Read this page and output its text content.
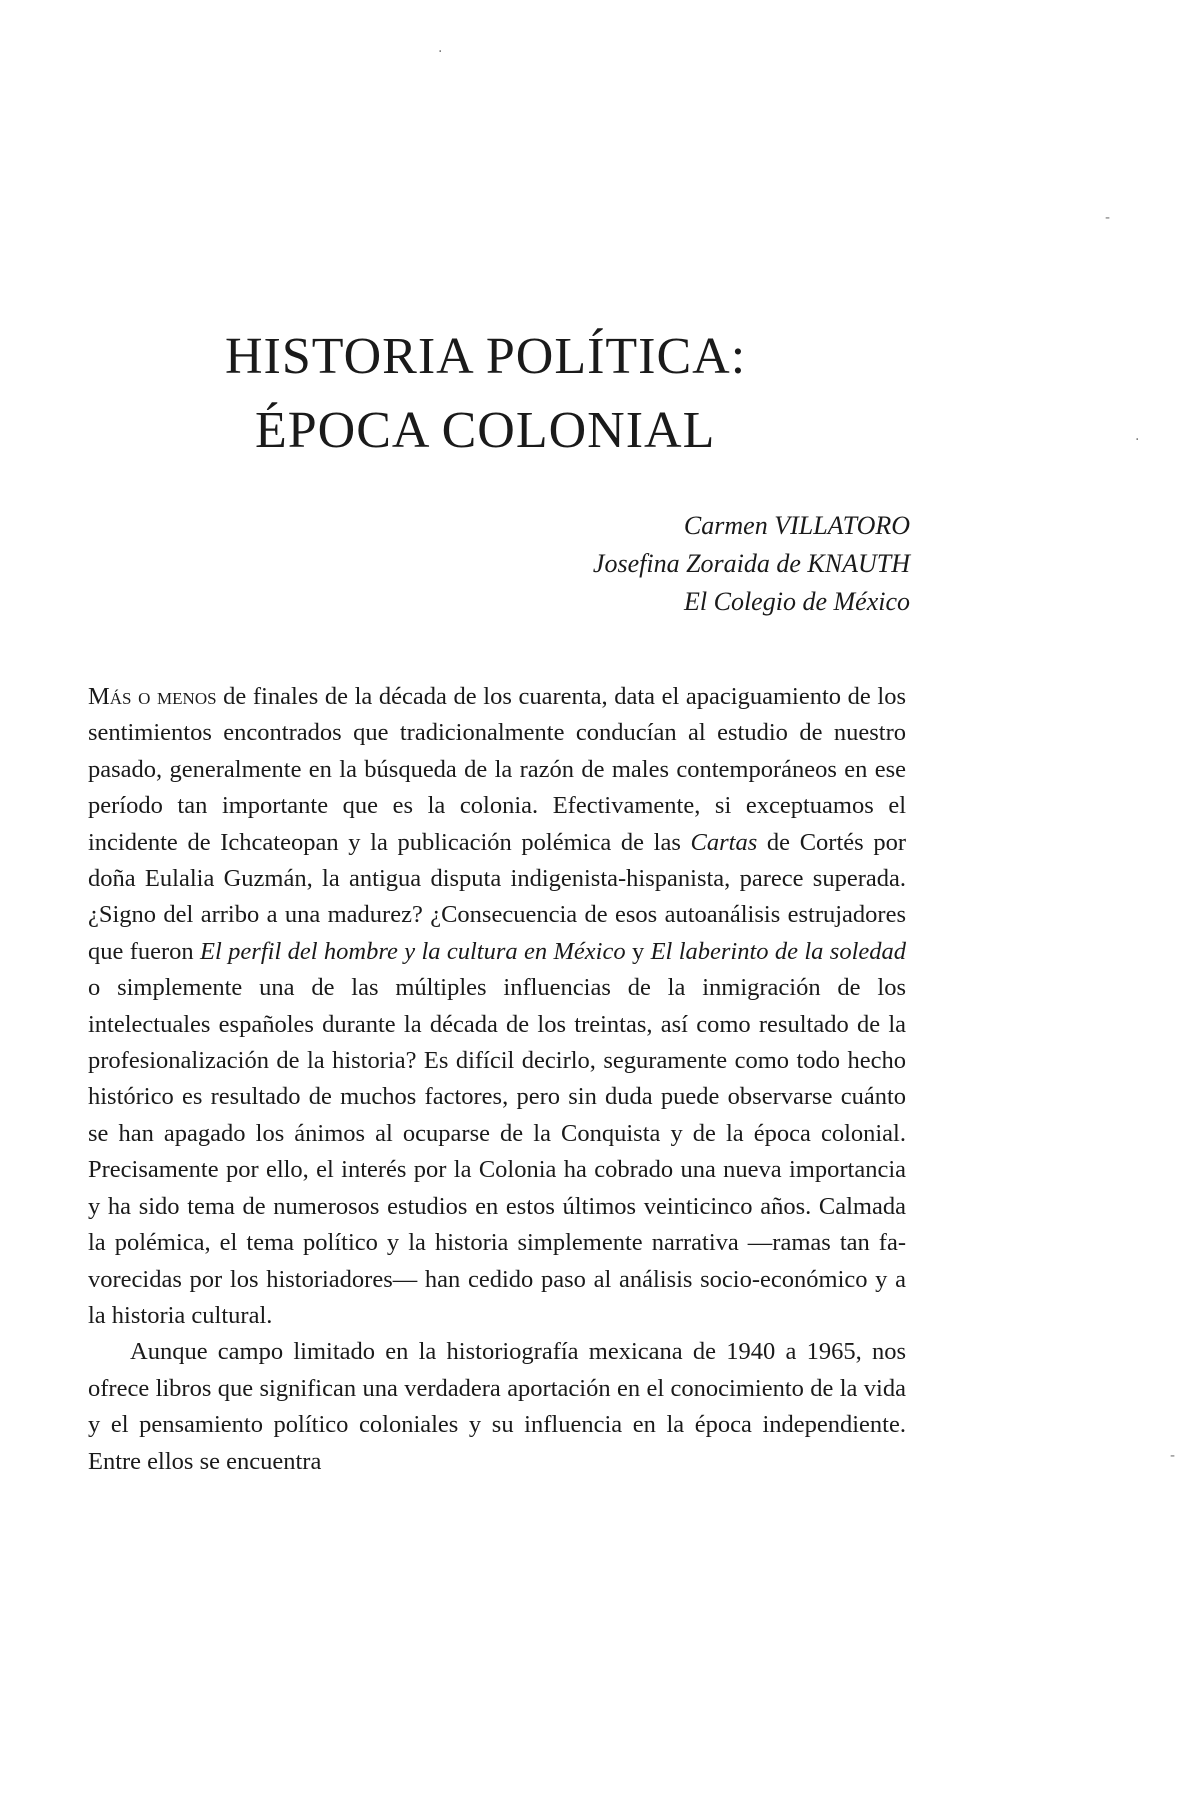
HISTORIA POLÍTICA:
ÉPOCA COLONIAL
Carmen VILLATORO
Josefina Zoraida de KNAUTH
El Colegio de México

Más o menos de finales de la década de los cuarenta, data el apaciguamiento de los sentimientos encontrados que tradicionalmente conducían al estudio de nuestro pasado, generalmente en la búsqueda de la razón de males contemporáneos en ese período tan importante que es la colonia. Efectivamente, si exceptuamos el incidente de Ichcateopan y la publicación polémica de las Cartas de Cortés por doña Eulalia Guzmán, la antigua disputa indigenista-hispanista, parece superada. ¿Signo del arribo a una madurez? ¿Consecuencia de esos autoanálisis estrujadores que fueron El perfil del hombre y la cultura en México y El laberinto de la soledad o simplemente una de las múltiples influencias de la inmigración de los intelectuales españoles durante la década de los treintas, así como resultado de la profesionalización de la historia? Es difícil decirlo, seguramente como todo hecho histórico es resultado de muchos factores, pero sin duda puede observarse cuánto se han apagado los ánimos al ocuparse de la Conquista y de la época colonial. Precisamente por ello, el interés por la Colonia ha cobrado una nueva importancia y ha sido tema de numerosos estudios en estos últimos veinticinco años. Calmada la polémica, el tema político y la historia simplemente narrativa —ramas tan favorecidas por los historiadores— han cedido paso al análisis socio-económico y a la historia cultural.

Aunque campo limitado en la historiografía mexicana de 1940 a 1965, nos ofrece libros que significan una verdadera aportación en el conocimiento de la vida y el pensamiento político coloniales y su influencia en la época independiente. Entre ellos se encuentra

·
-
·
-
